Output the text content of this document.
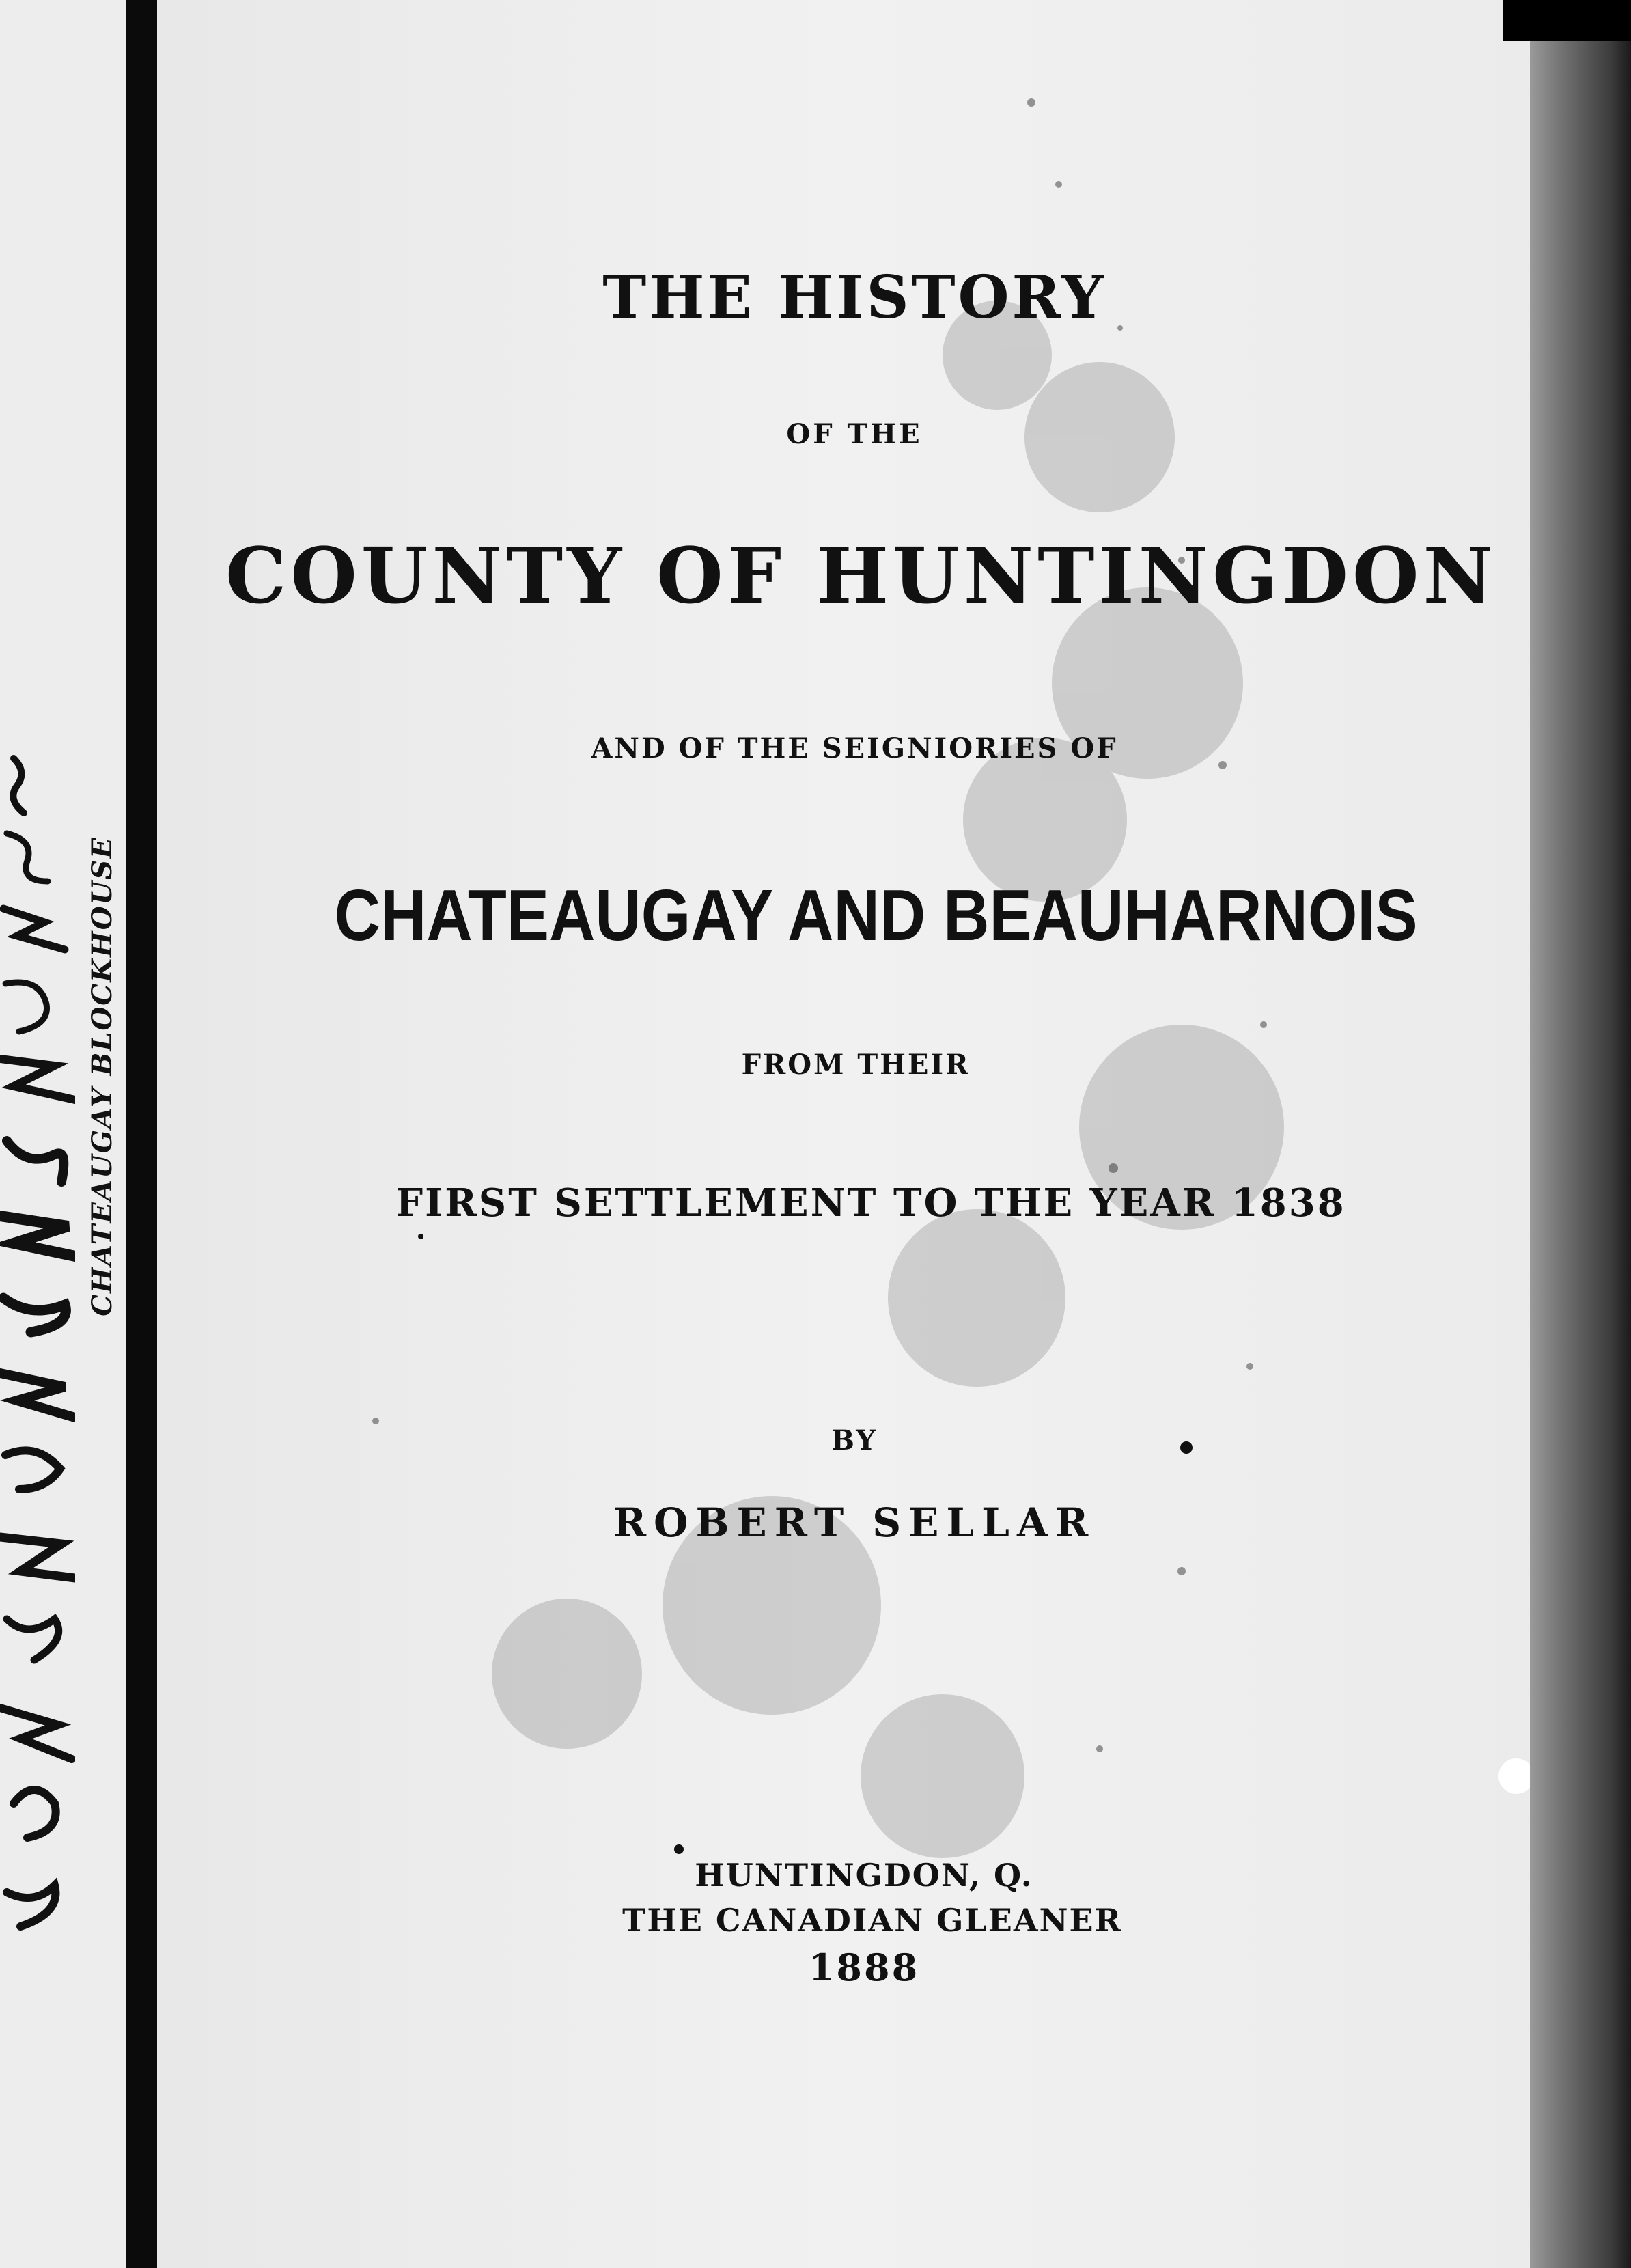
CHATEAUGAY BLOCKHOUSE
THE HISTORY
OF THE
COUNTY OF HUNTINGDON
AND OF THE SEIGNIORIES OF
CHATEAUGAY AND BEAUHARNOIS
FROM THEIR
FIRST SETTLEMENT TO THE YEAR 1838
BY
ROBERT SELLAR
HUNTINGDON, Q.
THE CANADIAN GLEANER
1888
